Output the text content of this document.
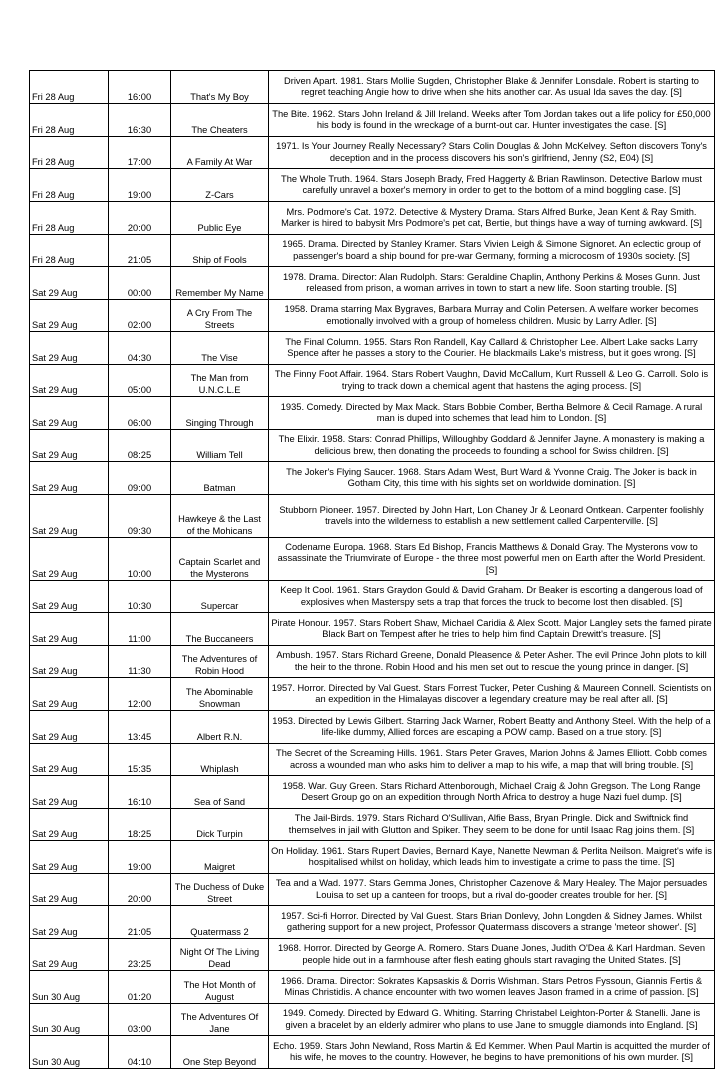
Fri 28 Aug	16:00	That's My Boy	Driven Apart. 1981. Stars Mollie Sugden, Christopher Blake & Jennifer Lonsdale. Robert is starting to regret teaching Angie how to drive when she hits another car. As usual Ida saves the day. [S]
Fri 28 Aug	16:30	The Cheaters	The Bite. 1962. Stars John Ireland & Jill Ireland. Weeks after Tom Jordan takes out a life policy for £50,000 his body is found in the wreckage of a burnt-out car. Hunter investigates the case. [S]
Fri 28 Aug	17:00	A Family At War	1971. Is Your Journey Really Necessary? Stars Colin Douglas & John McKelvey. Sefton discovers Tony's deception and in the process discovers his son's girlfriend, Jenny (S2, E04) [S]
Fri 28 Aug	19:00	Z-Cars	The Whole Truth. 1964. Stars Joseph Brady, Fred Haggerty & Brian Rawlinson. Detective Barlow must carefully unravel a boxer's memory in order to get to the bottom of a mind boggling case. [S]
Fri 28 Aug	20:00	Public Eye	Mrs. Podmore's Cat. 1972. Detective & Mystery Drama. Stars Alfred Burke, Jean Kent & Ray Smith. Marker is hired to babysit Mrs Podmore's pet cat, Bertie, but things have a way of turning awkward. [S]
Fri 28 Aug	21:05	Ship of Fools	1965. Drama. Directed by Stanley Kramer. Stars Vivien Leigh & Simone Signoret. An eclectic group of passenger's board a ship bound for pre-war Germany, forming a microcosm of 1930s society. [S]
Sat 29 Aug	00:00	Remember My Name	1978. Drama. Director: Alan Rudolph. Stars: Geraldine Chaplin, Anthony Perkins & Moses Gunn. Just released from prison, a woman arrives in town to start a new life. Soon starting trouble. [S]
Sat 29 Aug	02:00	A Cry From The Streets	1958. Drama starring Max Bygraves, Barbara Murray and Colin Petersen. A welfare worker becomes emotionally involved with a group of homeless children. Music by Larry Adler. [S]
Sat 29 Aug	04:30	The Vise	The Final Column. 1955. Stars Ron Randell, Kay Callard & Christopher Lee. Albert Lake sacks Larry Spence after he passes a story to the Courier. He blackmails Lake's mistress, but it goes wrong. [S]
Sat 29 Aug	05:00	The Man from U.N.C.L.E	The Finny Foot Affair. 1964. Stars Robert Vaughn, David McCallum, Kurt Russell & Leo G. Carroll. Solo is trying to track down a chemical agent that hastens the aging process. [S]
Sat 29 Aug	06:00	Singing Through	1935. Comedy. Directed by Max Mack. Stars Bobbie Comber, Bertha Belmore & Cecil Ramage. A rural man is duped into schemes that lead him to London. [S]
Sat 29 Aug	08:25	William Tell	The Elixir. 1958. Stars: Conrad Phillips, Willoughby Goddard & Jennifer Jayne. A monastery is making a delicious brew, then donating the proceeds to founding a school for Swiss children. [S]
Sat 29 Aug	09:00	Batman	The Joker's Flying Saucer. 1968. Stars Adam West, Burt Ward & Yvonne Craig. The Joker is back in Gotham City, this time with his sights set on worldwide domination. [S]
Sat 29 Aug	09:30	Hawkeye & the Last of the Mohicans	Stubborn Pioneer. 1957. Directed by John Hart, Lon Chaney Jr & Leonard Ontkean. Carpenter foolishly travels into the wilderness to establish a new settlement called Carpenterville. [S]
Sat 29 Aug	10:00	Captain Scarlet and the Mysterons	Codename Europa. 1968. Stars Ed Bishop, Francis Matthews & Donald Gray. The Mysterons vow to assassinate the Triumvirate of Europe - the three most powerful men on Earth after the World President. [S]
Sat 29 Aug	10:30	Supercar	Keep It Cool. 1961. Stars Graydon Gould & David Graham. Dr Beaker is escorting a dangerous load of explosives when Masterspy sets a trap that forces the truck to become lost then disabled. [S]
Sat 29 Aug	11:00	The Buccaneers	Pirate Honour. 1957. Stars Robert Shaw, Michael Caridia & Alex Scott. Major Langley sets the famed pirate Black Bart on Tempest after he tries to help him find Captain Drewitt's treasure. [S]
Sat 29 Aug	11:30	The Adventures of Robin Hood	Ambush. 1957. Stars Richard Greene, Donald Pleasence & Peter Asher. The evil Prince John plots to kill the heir to the throne. Robin Hood and his men set out to rescue the young prince in danger. [S]
Sat 29 Aug	12:00	The Abominable Snowman	1957. Horror. Directed by Val Guest. Stars Forrest Tucker, Peter Cushing & Maureen Connell. Scientists on an expedition in the Himalayas discover a legendary creature may be real after all. [S]
Sat 29 Aug	13:45	Albert R.N.	1953. Directed by Lewis Gilbert. Starring Jack Warner, Robert Beatty and Anthony Steel. With the help of a life-like dummy, Allied forces are escaping a POW camp. Based on a true story. [S]
Sat 29 Aug	15:35	Whiplash	The Secret of the Screaming Hills. 1961. Stars Peter Graves, Marion Johns & James Elliott. Cobb comes across a wounded man who asks him to deliver a map to his wife, a map that will bring trouble. [S]
Sat 29 Aug	16:10	Sea of Sand	1958. War. Guy Green. Stars Richard Attenborough, Michael Craig & John Gregson. The Long Range Desert Group go on an expedition through North Africa to destroy a huge Nazi fuel dump. [S]
Sat 29 Aug	18:25	Dick Turpin	The Jail-Birds. 1979. Stars Richard O'Sullivan, Alfie Bass, Bryan Pringle. Dick and Swiftnick find themselves in jail with Glutton and Spiker. They seem to be done for until Isaac Rag joins them. [S]
Sat 29 Aug	19:00	Maigret	On Holiday. 1961. Stars Rupert Davies, Bernard Kaye, Nanette Newman & Perlita Neilson. Maigret's wife is hospitalised whilst on holiday, which leads him to investigate a crime to pass the time. [S]
Sat 29 Aug	20:00	The Duchess of Duke Street	Tea and a Wad. 1977. Stars Gemma Jones, Christopher Cazenove & Mary Healey. The Major persuades Louisa to set up a canteen for troops, but a rival do-gooder creates trouble for her. [S]
Sat 29 Aug	21:05	Quatermass 2	1957. Sci-fi Horror. Directed by Val Guest. Stars Brian Donlevy, John Longden & Sidney James. Whilst gathering support for a new project, Professor Quatermass discovers a strange 'meteor shower'. [S]
Sat 29 Aug	23:25	Night Of The Living Dead	1968. Horror. Directed by George A. Romero. Stars Duane Jones, Judith O'Dea & Karl Hardman. Seven people hide out in a farmhouse after flesh eating ghouls start ravaging the United States. [S]
Sun 30 Aug	01:20	The Hot Month of August	1966. Drama. Director: Sokrates Kapsaskis & Dorris Wishman. Stars Petros Fyssoun, Giannis Fertis & Minas Christidis. A chance encounter with two women leaves Jason framed in a crime of passion. [S]
Sun 30 Aug	03:00	The Adventures Of Jane	1949. Comedy. Directed by Edward G. Whiting. Starring Christabel Leighton-Porter & Stanelli. Jane is given a bracelet by an elderly admirer who plans to use Jane to smuggle diamonds into England. [S]
Sun 30 Aug	04:10	One Step Beyond	Echo. 1959. Stars John Newland, Ross Martin & Ed Kemmer. When Paul Martin is acquitted the murder of his wife, he moves to the country. However, he begins to have premonitions of his own murder. [S]
